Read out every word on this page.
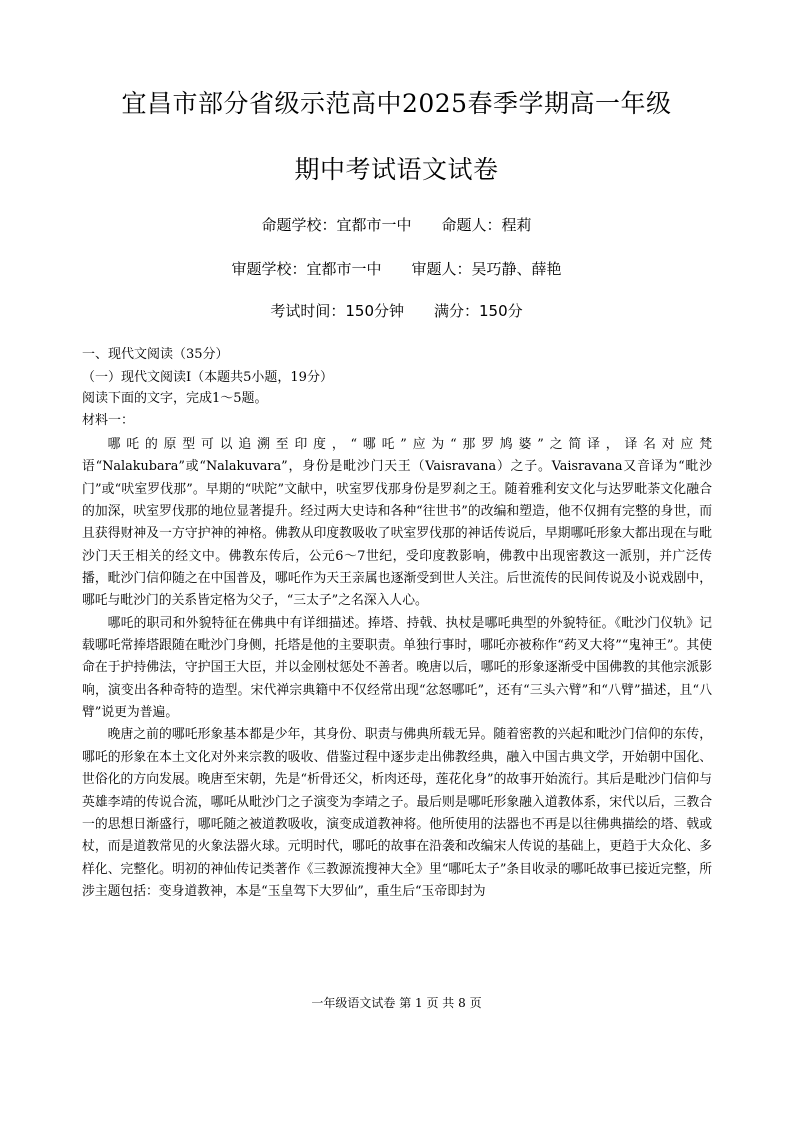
宜昌市部分省级示范高中2025春季学期高一年级
期中考试语文试卷
命题学校：宜都市一中 命题人：程莉
审题学校：宜都市一中 审题人：吴巧静、薛艳
考试时间：150分钟 满分：150分
一、现代文阅读（35分）
（一）现代文阅读Ⅰ（本题共5小题，19分）
阅读下面的文字，完成1～5题。
材料一：

哪吒的原型可以追溯至印度，“哪吒”应为“那罗鸠婆”之简译，译名对应梵语“Nalakubara”或“Nalakuvara”，身份是毗沙门天王（Vaisravana）之子。Vaisravana又音译为“毗沙门”或“吠室罗伐那”。早期的“吠陀”文献中，吠室罗伐那身份是罗刹之王。随着雅利安文化与达罗毗荼文化融合的加深，吠室罗伐那的地位显著提升。经过两大史诗和各种“往世书”的改编和塑造，他不仅拥有完整的身世，而且获得财神及一方守护神的神格。佛教从印度教吸收了吠室罗伐那的神话传说后，早期哪吒形象大都出现在与毗沙门天王相关的经文中。佛教东传后，公元6～7世纪，受印度教影响，佛教中出现密教这一派别，并广泛传播，毗沙门信仰随之在中国普及，哪吒作为天王亲属也逐渐受到世人关注。后世流传的民间传说及小说戏剧中，哪吒与毗沙门的关系皆定格为父子，“三太子”之名深入人心。

哪吒的职司和外貌特征在佛典中有详细描述。捧塔、持戟、执杖是哪吒典型的外貌特征。《毗沙门仪轨》记载哪吒常捧塔跟随在毗沙门身侧，托塔是他的主要职责。单独行事时，哪吒亦被称作“药叉大将”“鬼神王”。其使命在于护持佛法，守护国王大臣，并以金刚杖惩处不善者。晚唐以后，哪吒的形象逐渐受中国佛教的其他宗派影响，演变出各种奇特的造型。宋代禅宗典籍中不仅经常出现“忿怒哪吒”，还有“三头六臂”和“八臂”描述，且“八臂”说更为普遍。

晚唐之前的哪吒形象基本都是少年，其身份、职责与佛典所载无异。随着密教的兴起和毗沙门信仰的东传，哪吒的形象在本土文化对外来宗教的吸收、借鉴过程中逐步走出佛教经典，融入中国古典文学，开始朝中国化、世俗化的方向发展。晚唐至宋朝，先是“析骨还父，析肉还母，莲花化身”的故事开始流行。其后是毗沙门信仰与英雄李靖的传说合流，哪吒从毗沙门之子演变为李靖之子。最后则是哪吒形象融入道教体系，宋代以后，三教合一的思想日渐盛行，哪吒随之被道教吸收，演变成道教神将。他所使用的法器也不再是以往佛典描绘的塔、戟或杖，而是道教常见的火象法器火球。元明时代，哪吒的故事在沿袭和改编宋人传说的基础上，更趋于大众化、多样化、完整化。明初的神仙传记类著作《三教源流搜神大全》里“哪吒太子”条目收录的哪吒故事已接近完整，所涉主题包括：变身道教神，本是“玉皇驾下大罗仙”，重生后“玉帝即封为

一年级语文试卷 第 1 页 共 8 页
